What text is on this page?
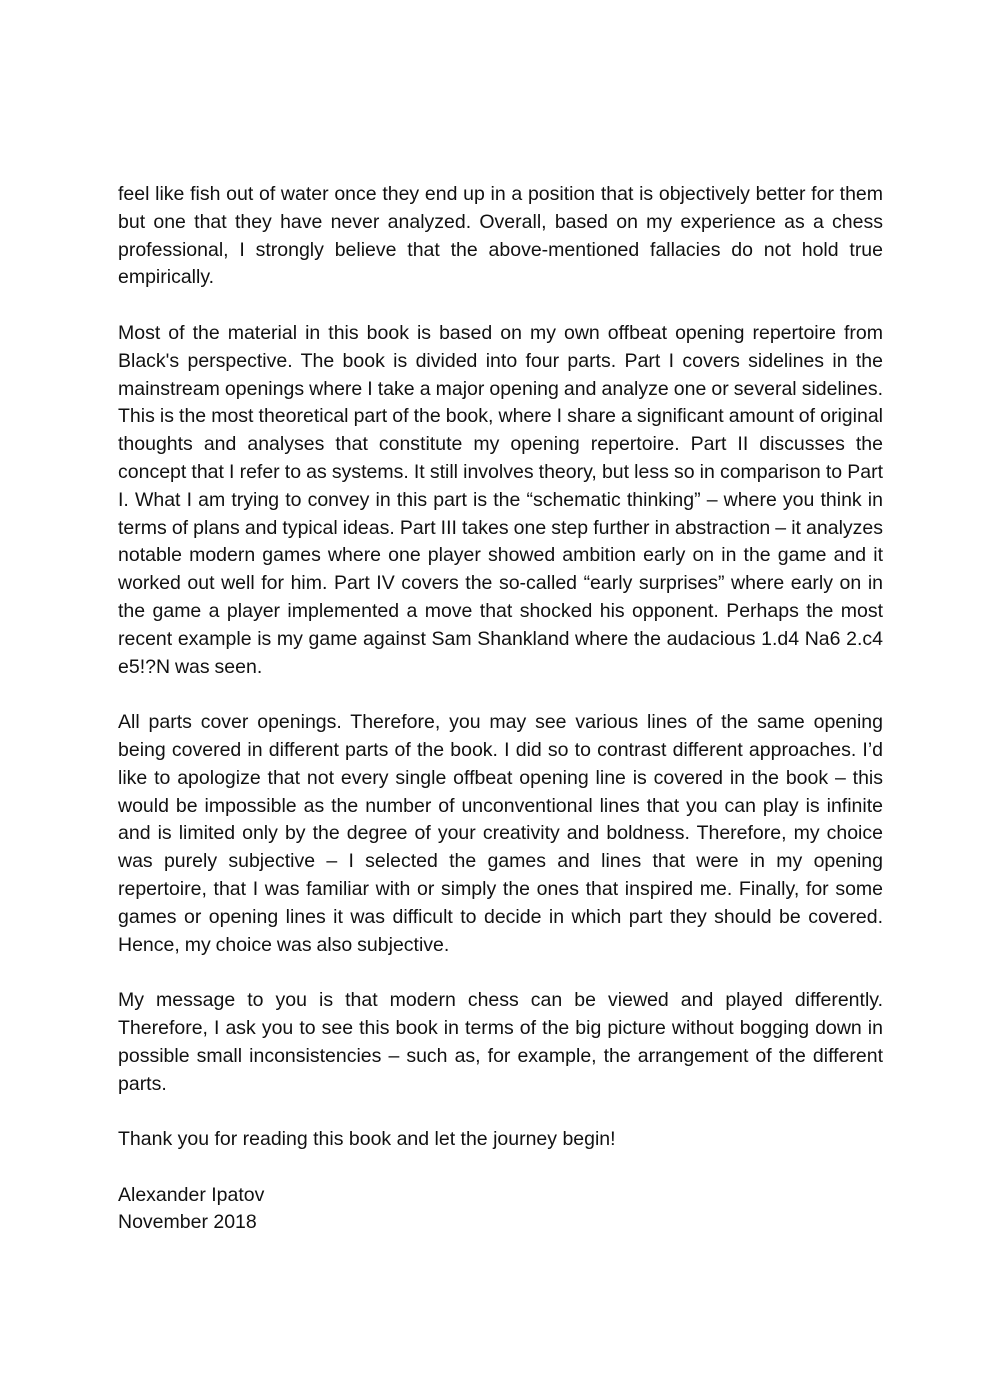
feel like fish out of water once they end up in a position that is objectively better for them but one that they have never analyzed. Overall, based on my experience as a chess professional, I strongly believe that the above-mentioned fallacies do not hold true empirically.

Most of the material in this book is based on my own offbeat opening repertoire from Black's perspective. The book is divided into four parts. Part I covers sidelines in the mainstream openings where I take a major opening and analyze one or several sidelines. This is the most theoretical part of the book, where I share a significant amount of original thoughts and analyses that constitute my opening repertoire. Part II discusses the concept that I refer to as systems. It still involves theory, but less so in comparison to Part I. What I am trying to convey in this part is the “schematic thinking” – where you think in terms of plans and typical ideas. Part III takes one step further in abstraction – it analyzes notable modern games where one player showed ambition early on in the game and it worked out well for him. Part IV covers the so-called “early surprises” where early on in the game a player implemented a move that shocked his opponent. Perhaps the most recent example is my game against Sam Shankland where the audacious 1.d4 Na6 2.c4 e5!?N was seen.

All parts cover openings. Therefore, you may see various lines of the same opening being covered in different parts of the book. I did so to contrast different approaches. I’d like to apologize that not every single offbeat opening line is covered in the book – this would be impossible as the number of unconventional lines that you can play is infinite and is limited only by the degree of your creativity and boldness. Therefore, my choice was purely subjective – I selected the games and lines that were in my opening repertoire, that I was familiar with or simply the ones that inspired me. Finally, for some games or opening lines it was difficult to decide in which part they should be covered. Hence, my choice was also subjective.

My message to you is that modern chess can be viewed and played differently. Therefore, I ask you to see this book in terms of the big picture without bogging down in possible small inconsistencies – such as, for example, the arrangement of the different parts.

Thank you for reading this book and let the journey begin!

Alexander Ipatov
November 2018
